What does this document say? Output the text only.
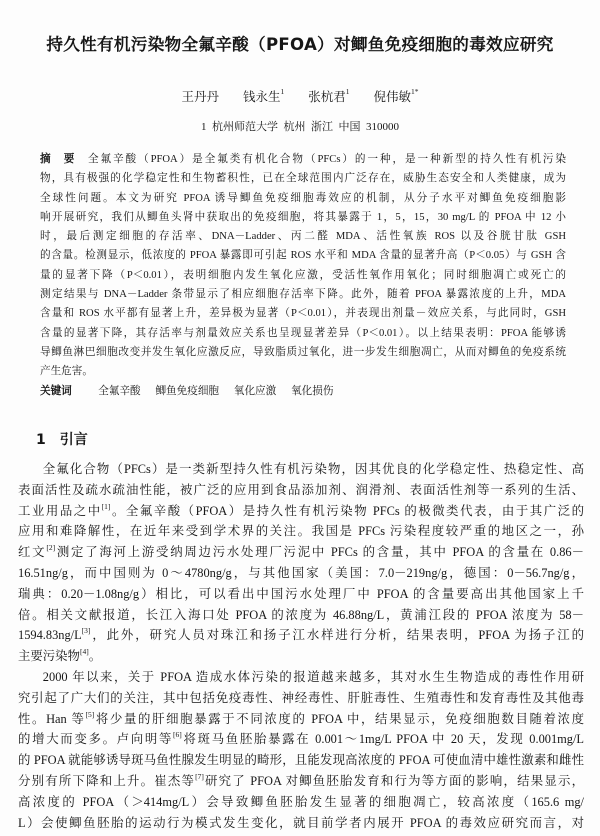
持久性有机污染物全氟辛酸（PFOA）对鲫鱼免疫细胞的毒效应研究
王丹丹 钱永生$^1$ 张杭君$^1$ 倪伟敏$^{1*}$
1  杭州师范大学  杭州  浙江  中国  310000
摘  要 全氟辛酸（PFOA）是全氟类有机化合物（PFCs）的一种，是一种新型的持久性有机污染
物，具有极强的化学稳定性和生物蓄积性，已在全球范围内广泛存在，威胁生态安全和人类健康，成为
全球性问题。本文为研究 PFOA 诱导鲫鱼免疫细胞毒效应的机制，从分子水平对鲫鱼免疫细胞影
响开展研究，我们从鲫鱼头肾中获取出的免疫细胞，将其暴露于 1，5，15，30 mg/L 的 PFOA 中 12 小
时，最后测定细胞的存活率、DNA－Ladder、丙二醛 MDA、活性氧族 ROS 以及谷胱甘肽 GSH
的含量。检测显示，低浓度的 PFOA 暴露即可引起 ROS 水平和 MDA 含量的显著升高（P＜0.05）与 GSH 含
量的显著下降（P＜0.01），表明细胞内发生氧化应激，受活性氧作用氧化；同时细胞凋亡或死亡的
测定结果与 DNA－Ladder 条带显示了相应细胞存活率下降。此外，随着 PFOA 暴露浓度的上升，MDA
含量和 ROS 水平都有显著上升，差异极为显著（P＜0.01），并表现出剂量－效应关系，与此同时，GSH
含量的显著下降，其存活率与剂量效应关系也呈现显著差异（P＜0.01）。以上结果表明：PFOA 能够诱
导鲫鱼淋巴细胞改变并发生氧化应激反应，导致脂质过氧化，进一步发生细胞凋亡，从而对鲫鱼的免疫系统
产生危害。
关键词 全氟辛酸 鲫鱼免疫细胞 氧化应激 氧化损伤
1 引言
全氟化合物（PFCs）是一类新型持久性有机污染物，因其优良的化学稳定性、热稳定性、高
表面活性及疏水疏油性能，被广泛的应用到食品添加剂、润滑剂、表面活性剂等一系列的生活、
工业用品之中[1]。全氟辛酸（PFOA）是持久性有机污染物 PFCs 的极微类代表，由于其广泛的
应用和难降解性，在近年来受到学术界的关注。我国是 PFCs 污染程度较严重的地区之一，孙
红文[2]测定了海河上游受纳周边污水处理厂污泥中 PFCs 的含量，其中 PFOA 的含量在 0.86－
16.51ng/g，而中国则为 0～4780ng/g，与其他国家（美国：7.0－219ng/g，德国：0－56.7ng/g，
瑞典：0.20－1.08ng/g）相比，可以看出中国污水处理厂中 PFOA 的含量要高出其他国家上千
倍。相关文献报道，长江入海口处 PFOA 的浓度为 46.88ng/L，黄浦江段的 PFOA 浓度为 58－
1594.83ng/L[3]，此外，研究人员对珠江和扬子江水样进行分析，结果表明，PFOA 为扬子江的
主要污染物[4]。
2000 年以来，关于 PFOA 造成水体污染的报道越来越多，其对水生生物造成的毒性作用研
究引起了广大们的关注，其中包括免疫毒性、神经毒性、肝脏毒性、生殖毒性和发育毒性及其他毒
性。Han 等[5]将少量的肝细胞暴露于不同浓度的 PFOA 中，结果显示，免疫细胞数目随着浓度
的增大而变多。卢向明等[6]将斑马鱼胚胎暴露在 0.001～1mg/L PFOA 中 20 天，发现 0.001mg/L
的 PFOA 就能够诱导斑马鱼性腺发生明显的畸形，且能发现高浓度的 PFOA 可使血清中雄性激素和雌性
分别有所下降和上升。崔杰等[7]研究了 PFOA 对鲫鱼胚胎发育和行为等方面的影响，结果显示，
高浓度的 PFOA（＞414mg/L）会导致鲫鱼胚胎发生显著的细胞凋亡，较高浓度（165.6 mg/
L）会使鲫鱼胚胎的运动行为模式发生变化，就目前学者内展开 PFOA 的毒效应研究而言，对
